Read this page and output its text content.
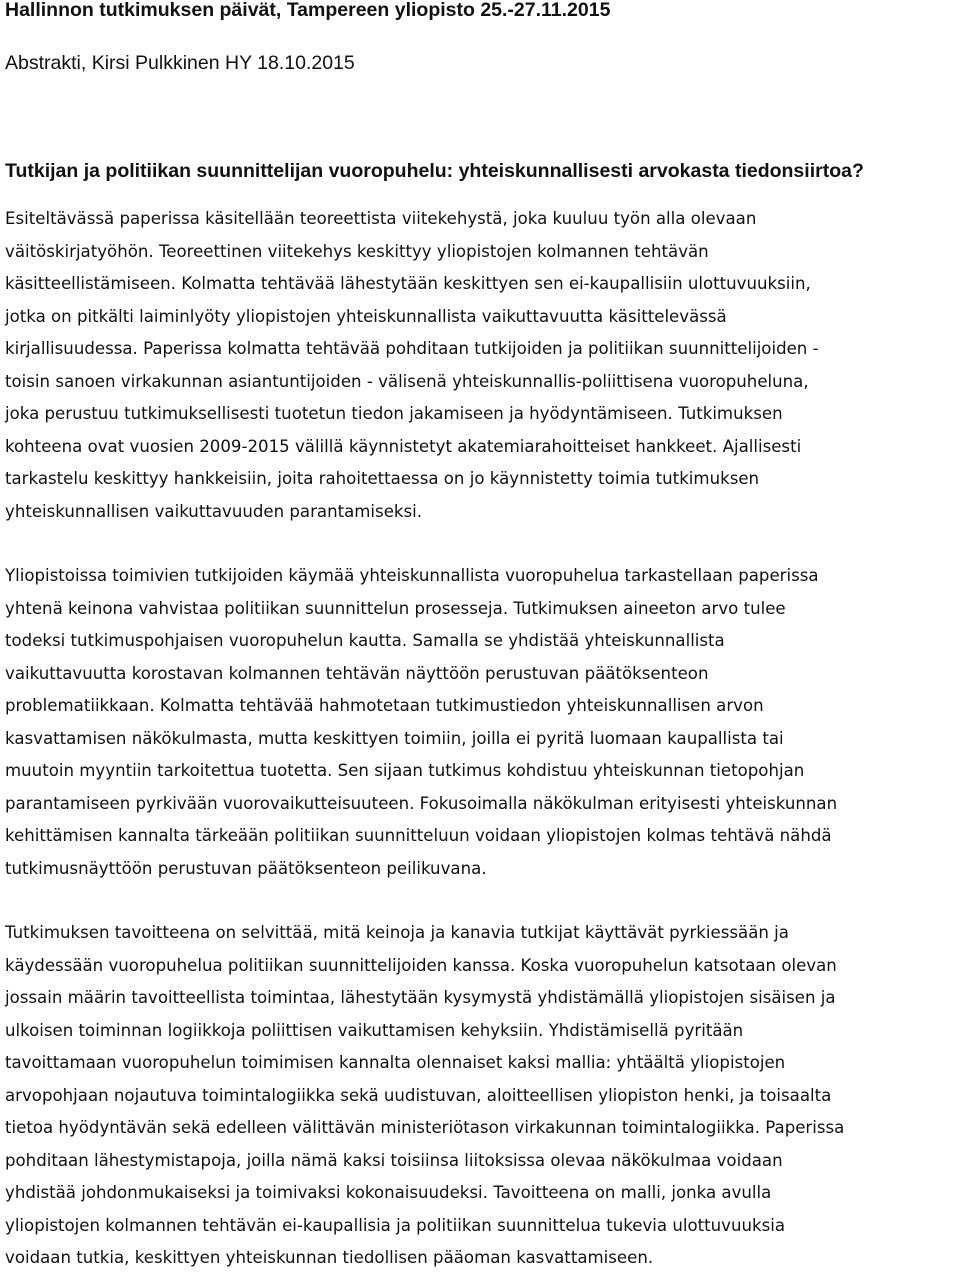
Hallinnon tutkimuksen päivät, Tampereen yliopisto 25.-27.11.2015

Abstrakti, Kirsi Pulkkinen HY 18.10.2015

Tutkijan ja politiikan suunnittelijan vuoropuhelu: yhteiskunnallisesti arvokasta tiedonsiirtoa?

Esiteltävässä paperissa käsitellään teoreettista viitekehystä, joka kuuluu työn alla olevaan
väitöskirjatyöhön. Teoreettinen viitekehys keskittyy yliopistojen kolmannen tehtävän
käsitteellistämiseen. Kolmatta tehtävää lähestytään keskittyen sen ei-kaupallisiin ulottuvuuksiin,
jotka on pitkälti laiminlyöty yliopistojen yhteiskunnallista vaikuttavuutta käsittelevässä
kirjallisuudessa. Paperissa kolmatta tehtävää pohditaan tutkijoiden ja politiikan suunnittelijoiden -
toisin sanoen virkakunnan asiantuntijoiden - välisenä yhteiskunnallis-poliittisena vuoropuheluna,
joka perustuu tutkimuksellisesti tuotetun tiedon jakamiseen ja hyödyntämiseen. Tutkimuksen
kohteena ovat vuosien 2009-2015 välillä käynnistetyt akatemiarahoitteiset hankkeet. Ajallisesti
tarkastelu keskittyy hankkeisiin, joita rahoitettaessa on jo käynnistetty toimia tutkimuksen
yhteiskunnallisen vaikuttavuuden parantamiseksi.

Yliopistoissa toimivien tutkijoiden käymää yhteiskunnallista vuoropuhelua tarkastellaan paperissa
yhtenä keinona vahvistaa politiikan suunnittelun prosesseja. Tutkimuksen aineeton arvo tulee
todeksi tutkimuspohjaisen vuoropuhelun kautta. Samalla se yhdistää yhteiskunnallista
vaikuttavuutta korostavan kolmannen tehtävän näyttöön perustuvan päätöksenteon
problematiikkaan. Kolmatta tehtävää hahmotetaan tutkimustiedon yhteiskunnallisen arvon
kasvattamisen näkökulmasta, mutta keskittyen toimiin, joilla ei pyritä luomaan kaupallista tai
muutoin myyntiin tarkoitettua tuotetta. Sen sijaan tutkimus kohdistuu yhteiskunnan tietopohjan
parantamiseen pyrkivään vuorovaikutteisuuteen. Fokusoimalla näkökulman erityisesti yhteiskunnan
kehittämisen kannalta tärkeään politiikan suunnitteluun voidaan yliopistojen kolmas tehtävä nähdä
tutkimusnäyttöön perustuvan päätöksenteon peilikuvana.

Tutkimuksen tavoitteena on selvittää, mitä keinoja ja kanavia tutkijat käyttävät pyrkiessään ja
käydessään vuoropuhelua politiikan suunnittelijoiden kanssa. Koska vuoropuhelun katsotaan olevan
jossain määrin tavoitteellista toimintaa, lähestytään kysymystä yhdistämällä yliopistojen sisäisen ja
ulkoisen toiminnan logiikkoja poliittisen vaikuttamisen kehyksiin. Yhdistämisellä pyritään
tavoittamaan vuoropuhelun toimimisen kannalta olennaiset kaksi mallia: yhtäältä yliopistojen
arvopohjaan nojautuva toimintalogiikka sekä uudistuvan, aloitteellisen yliopiston henki, ja toisaalta
tietoa hyödyntävän sekä edelleen välittävän ministeriötason virkakunnan toimintalogiikka. Paperissa
pohditaan lähestymistapoja, joilla nämä kaksi toisiinsa liitoksissa olevaa näkökulmaa voidaan
yhdistää johdonmukaiseksi ja toimivaksi kokonaisuudeksi. Tavoitteena on malli, jonka avulla
yliopistojen kolmannen tehtävän ei-kaupallisia ja politiikan suunnittelua tukevia ulottuvuuksia
voidaan tutkia, keskittyen yhteiskunnan tiedollisen pääoman kasvattamiseen.
